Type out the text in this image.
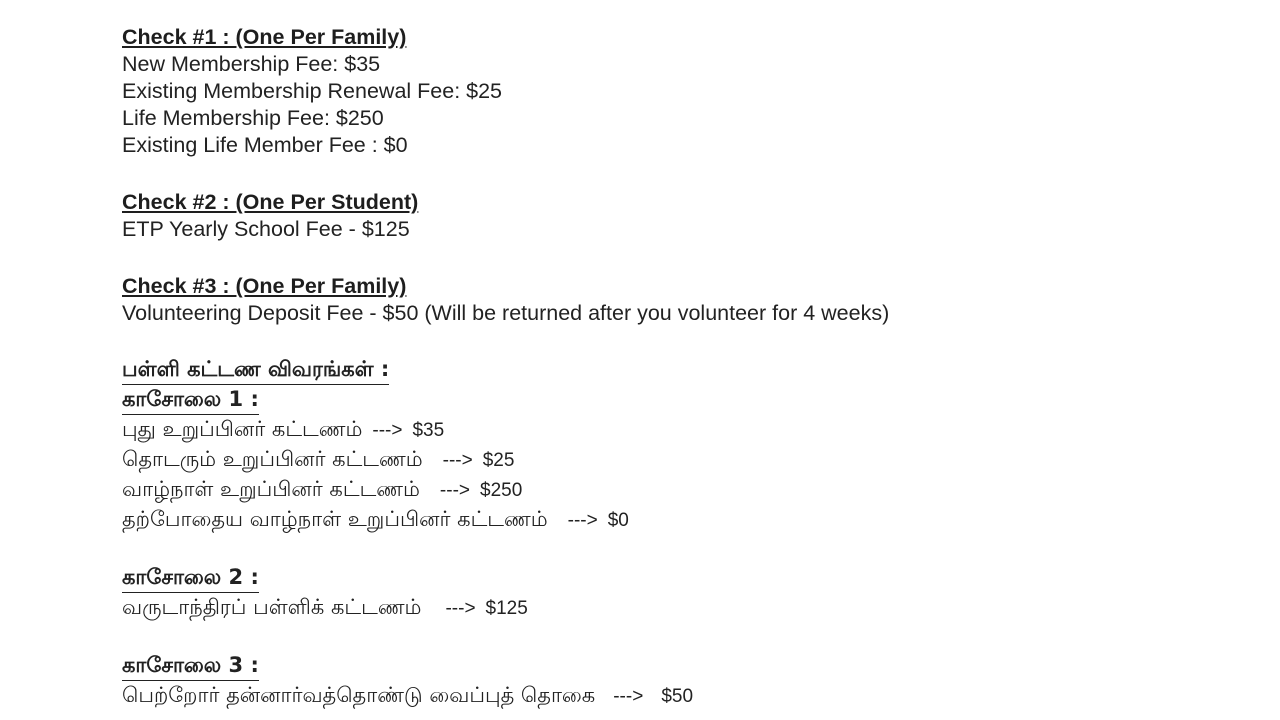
Check #1 : (One Per Family)
New Membership Fee: $35
Existing Membership Renewal Fee: $25
Life Membership Fee: $250
Existing Life Member Fee : $0
Check #2 : (One Per Student)
ETP Yearly School Fee - $125
Check #3 : (One Per Family)
Volunteering Deposit Fee - $50 (Will be returned after you volunteer for 4 weeks)
பள்ளி கட்டண விவரங்கள் :
காசோலை 1 :
புது உறுப்பினர் கட்டணம் ---> $35
தொடரும் உறுப்பினர் கட்டணம் ---> $25
வாழ்நாள் உறுப்பினர் கட்டணம் ---> $250
தற்போதைய வாழ்நாள் உறுப்பினர் கட்டணம் ---> $0
காசோலை 2 :
வருடாந்திரப் பள்ளிக் கட்டணம் ---> $125
காசோலை 3 :
பெற்றோர் தன்னார்வத்தொண்டு வைப்புத் தொகை ---> $50
